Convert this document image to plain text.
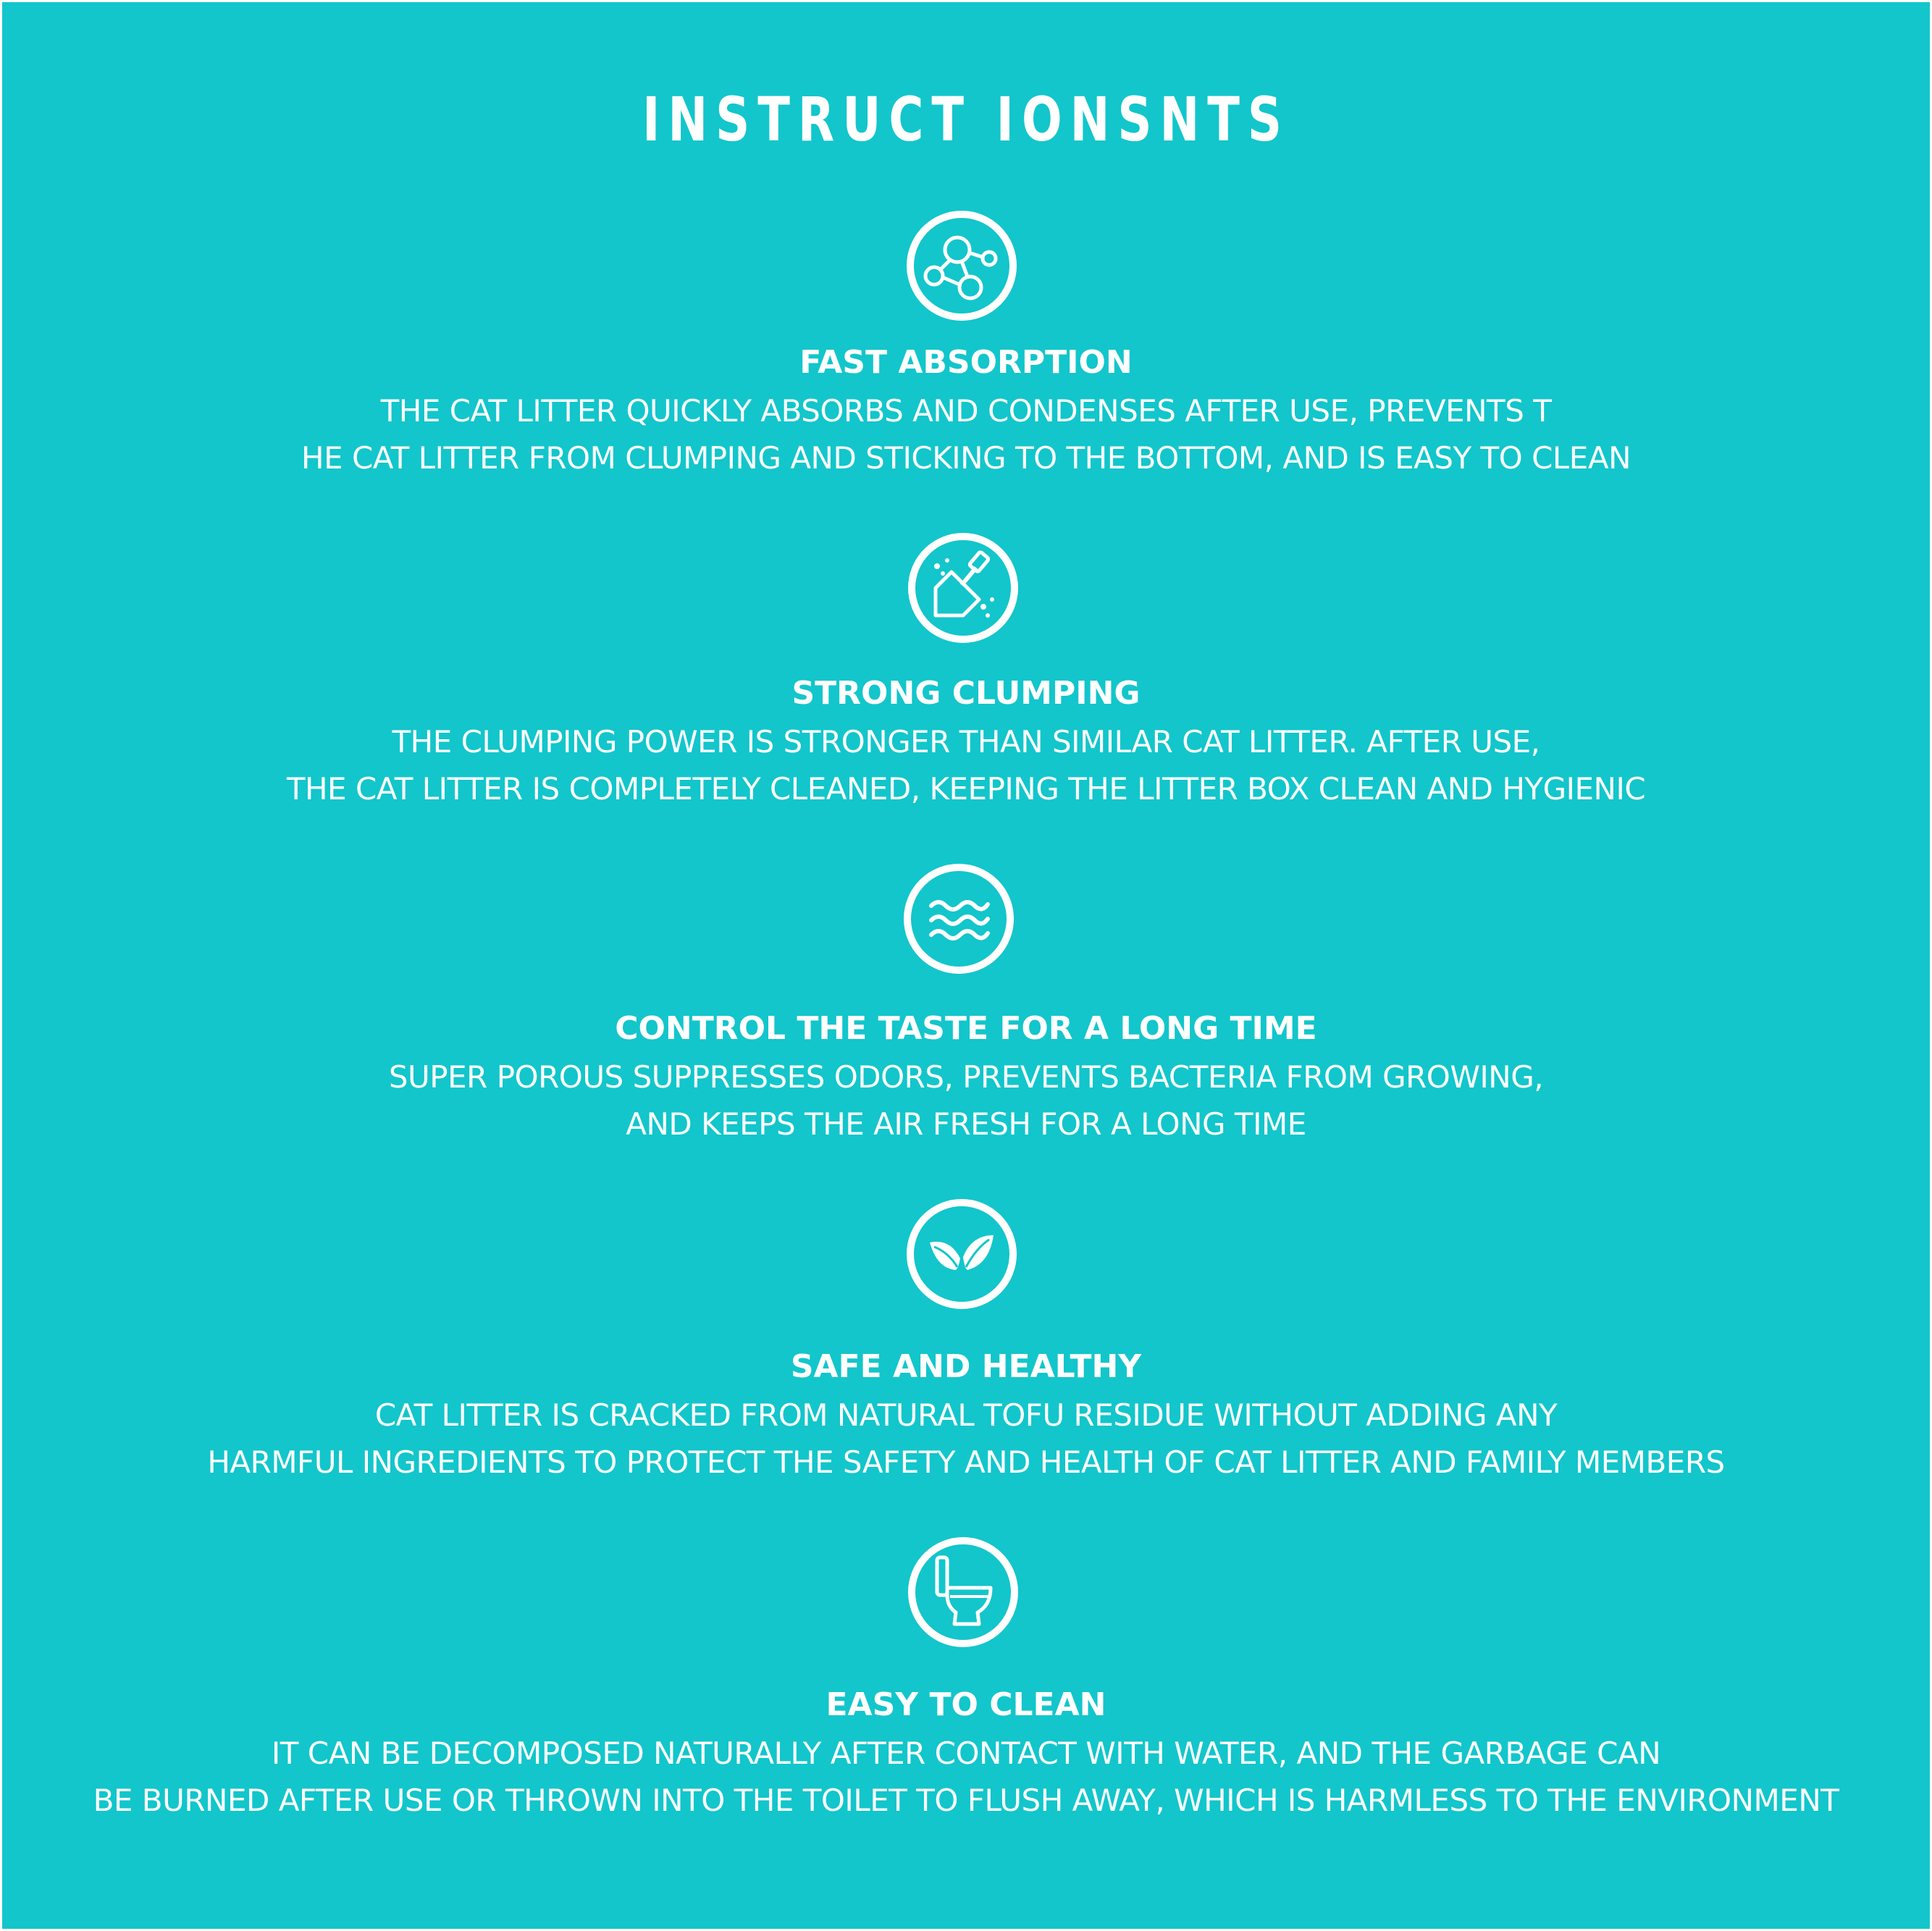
INSTRUCT IONSNTS
FAST ABSORPTION
THE CAT LITTER QUICKLY ABSORBS AND CONDENSES AFTER USE, PREVENTS T
HE CAT LITTER FROM CLUMPING AND STICKING TO THE BOTTOM, AND IS EASY TO CLEAN
STRONG CLUMPING
THE CLUMPING POWER IS STRONGER THAN SIMILAR CAT LITTER. AFTER USE,
THE CAT LITTER IS COMPLETELY CLEANED, KEEPING THE LITTER BOX CLEAN AND HYGIENIC
CONTROL THE TASTE FOR A LONG TIME
SUPER POROUS SUPPRESSES ODORS, PREVENTS BACTERIA FROM GROWING,
AND KEEPS THE AIR FRESH FOR A LONG TIME
SAFE AND HEALTHY
CAT LITTER IS CRACKED FROM NATURAL TOFU RESIDUE WITHOUT ADDING ANY
HARMFUL INGREDIENTS TO PROTECT THE SAFETY AND HEALTH OF CAT LITTER AND FAMILY MEMBERS
EASY TO CLEAN
IT CAN BE DECOMPOSED NATURALLY AFTER CONTACT WITH WATER, AND THE GARBAGE CAN
BE BURNED AFTER USE OR THROWN INTO THE TOILET TO FLUSH AWAY, WHICH IS HARMLESS TO THE ENVIRONMENT
